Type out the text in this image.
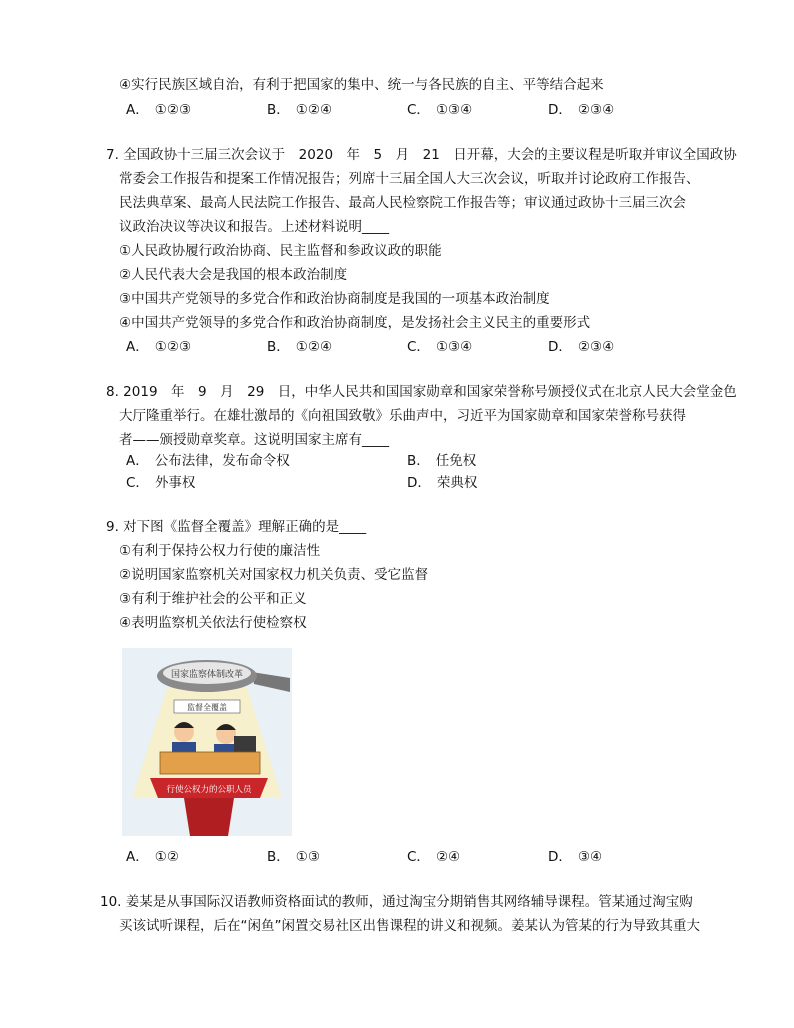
④实行民族区域自治，有利于把国家的集中、统一与各民族的自主、平等结合起来
A． ①②③	B． ①②④	C． ①③④	D． ②③④
7. 全国政协十三届三次会议于　2020　年　5　月　21　日开幕，大会的主要议程是听取并审议全国政协
常委会工作报告和提案工作情况报告；列席十三届全国人大三次会议，听取并讨论政府工作报告、
民法典草案、最高人民法院工作报告、最高人民检察院工作报告等；审议通过政协十三届三次会
议政治决议等决议和报告。上述材料说明____
①人民政协履行政治协商、民主监督和参政议政的职能
②人民代表大会是我国的根本政治制度
③中国共产党领导的多党合作和政治协商制度是我国的一项基本政治制度
④中国共产党领导的多党合作和政治协商制度，是发扬社会主义民主的重要形式
A． ①②③	B． ①②④	C． ①③④	D． ②③④
8. 2019　年　9　月　29　日，中华人民共和国国家勋章和国家荣誉称号颁授仪式在北京人民大会堂金色
大厅隆重举行。在雄壮激昂的《向祖国致敬》乐曲声中，习近平为国家勋章和国家荣誉称号获得
者——颁授勋章奖章。这说明国家主席有____
A． 公布法律，发布命令权	B． 任免权
C． 外事权	D． 荣典权
9. 对下图《监督全覆盖》理解正确的是____
①有利于保持公权力行使的廉洁性
②说明国家监察机关对国家权力机关负责、受它监督
③有利于维护社会的公平和正义
④表明监察机关依法行使检察权
国家监察体制改革
监督全覆盖
行使公权力的公职人员
A． ①②	B． ①③	C． ②④	D． ③④
10. 姜某是从事国际汉语教师资格面试的教师，通过淘宝分期销售其网络辅导课程。管某通过淘宝购
买该试听课程，后在“闲鱼”闲置交易社区出售课程的讲义和视频。姜某认为管某的行为导致其重大
